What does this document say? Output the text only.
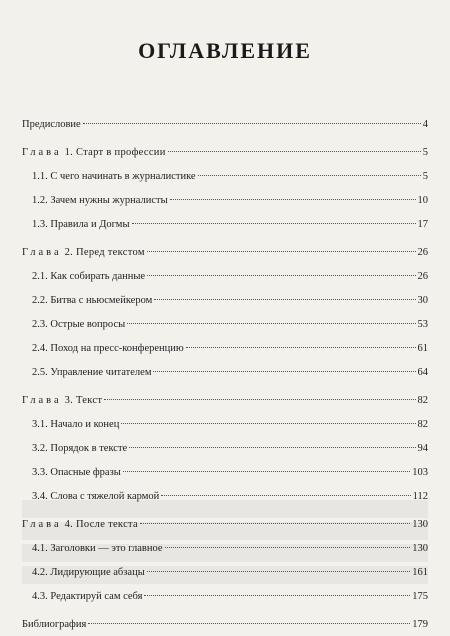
ОГЛАВЛЕНИЕ
Предисловие	4
Глава 1. Старт в профессии	5
1.1. С чего начинать в журналистике	5
1.2. Зачем нужны журналисты	10
1.3. Правила и Догмы	17
Глава 2. Перед текстом	26
2.1. Как собирать данные	26
2.2. Битва с ньюсмейкером	30
2.3. Острые вопросы	53
2.4. Поход на пресс-конференцию	61
2.5. Управление читателем	64
Глава 3. Текст	82
3.1. Начало и конец	82
3.2. Порядок в тексте	94
3.3. Опасные фразы	103
3.4. Слова с тяжелой кармой	112
Глава 4. После текста	130
4.1. Заголовки — это главное	130
4.2. Лидирующие абзацы	161
4.3. Редактируй сам себя	175
Библиография	179
